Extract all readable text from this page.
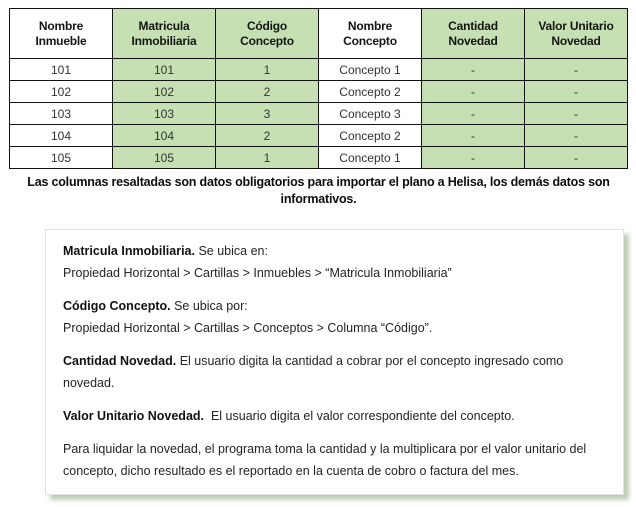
Nombre Inmueble	Matricula Inmobiliaria	Código Concepto	Nombre Concepto	Cantidad Novedad	Valor Unitario Novedad
101	101	1	Concepto 1	-	-
102	102	2	Concepto 2	-	-
103	103	3	Concepto 3	-	-
104	104	2	Concepto 2	-	-
105	105	1	Concepto 1	-	-

Las columnas resaltadas son datos obligatorios para importar el plano a Helisa, los demás datos son informativos.

Matricula Inmobiliaria. Se ubica en:
Propiedad Horizontal > Cartillas > Inmuebles > “Matricula Inmobiliaria”

Código Concepto. Se ubica por:
Propiedad Horizontal > Cartillas > Conceptos > Columna “Código”.

Cantidad Novedad. El usuario digita la cantidad a cobrar por el concepto ingresado como novedad.

Valor Unitario Novedad.  El usuario digita el valor correspondiente del concepto.

Para liquidar la novedad, el programa toma la cantidad y la multiplicara por el valor unitario del concepto, dicho resultado es el reportado en la cuenta de cobro o factura del mes.
